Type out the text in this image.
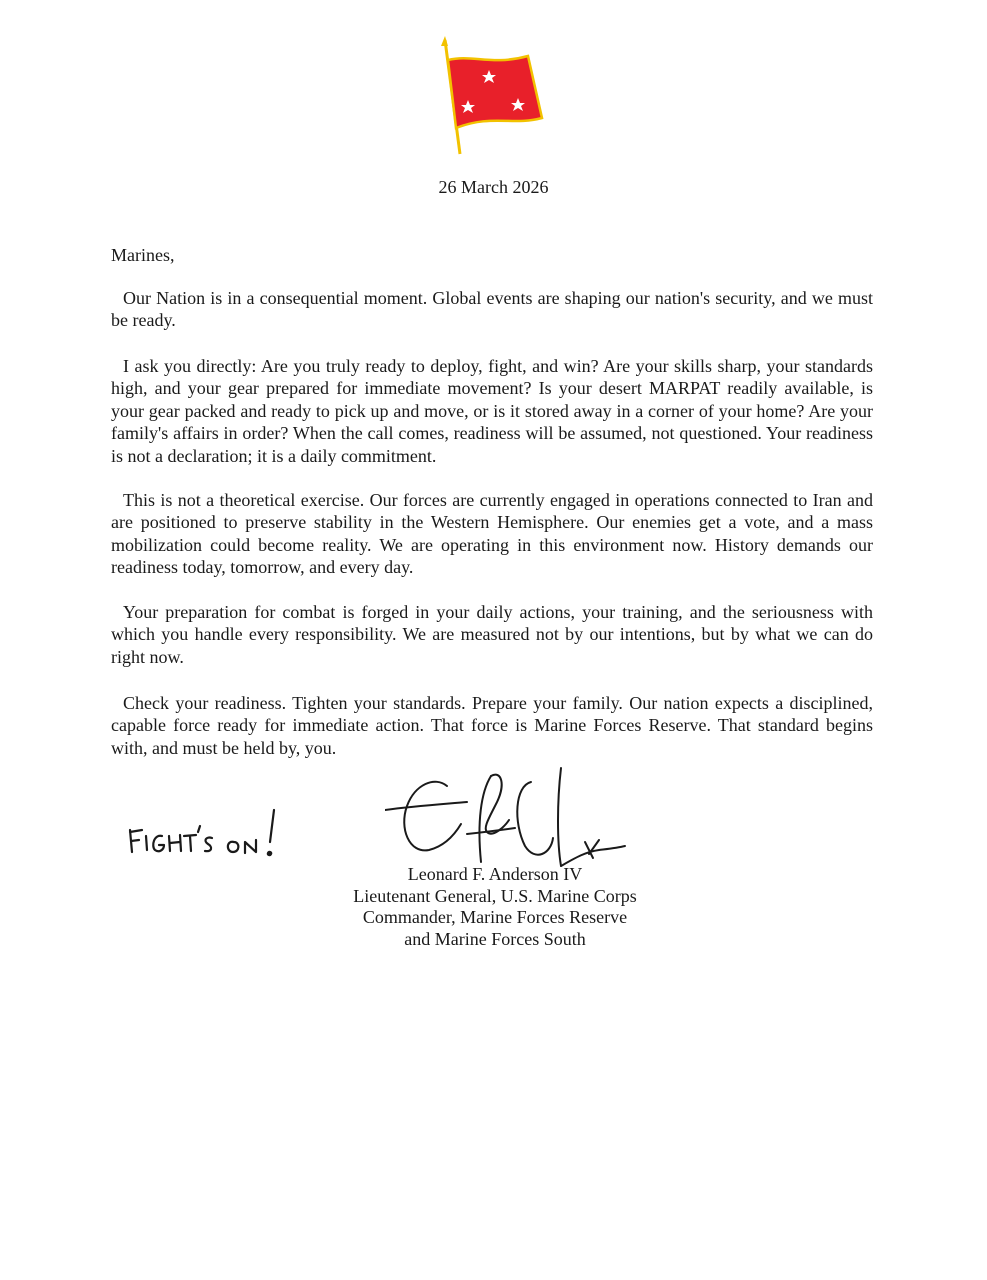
26 March 2026
Marines,
Our Nation is in a consequential moment. Global events are shaping our nation's security, and we must be ready.
I ask you directly: Are you truly ready to deploy, fight, and win? Are your skills sharp, your standards high, and your gear prepared for immediate movement? Is your desert MARPAT readily available, is your gear packed and ready to pick up and move, or is it stored away in a corner of your home? Are your family's affairs in order? When the call comes, readiness will be assumed, not questioned. Your readiness is not a declaration; it is a daily commitment.
This is not a theoretical exercise. Our forces are currently engaged in operations connected to Iran and are positioned to preserve stability in the Western Hemisphere. Our enemies get a vote, and a mass mobilization could become reality. We are operating in this environment now. History demands our readiness today, tomorrow, and every day.
Your preparation for combat is forged in your daily actions, your training, and the seriousness with which you handle every responsibility. We are measured not by our intentions, but by what we can do right now.
Check your readiness. Tighten your standards. Prepare your family. Our nation expects a disciplined, capable force ready for immediate action. That force is Marine Forces Reserve. That standard begins with, and must be held by, you.
Leonard F. Anderson IV
Lieutenant General, U.S. Marine Corps
Commander, Marine Forces Reserve
and Marine Forces South
